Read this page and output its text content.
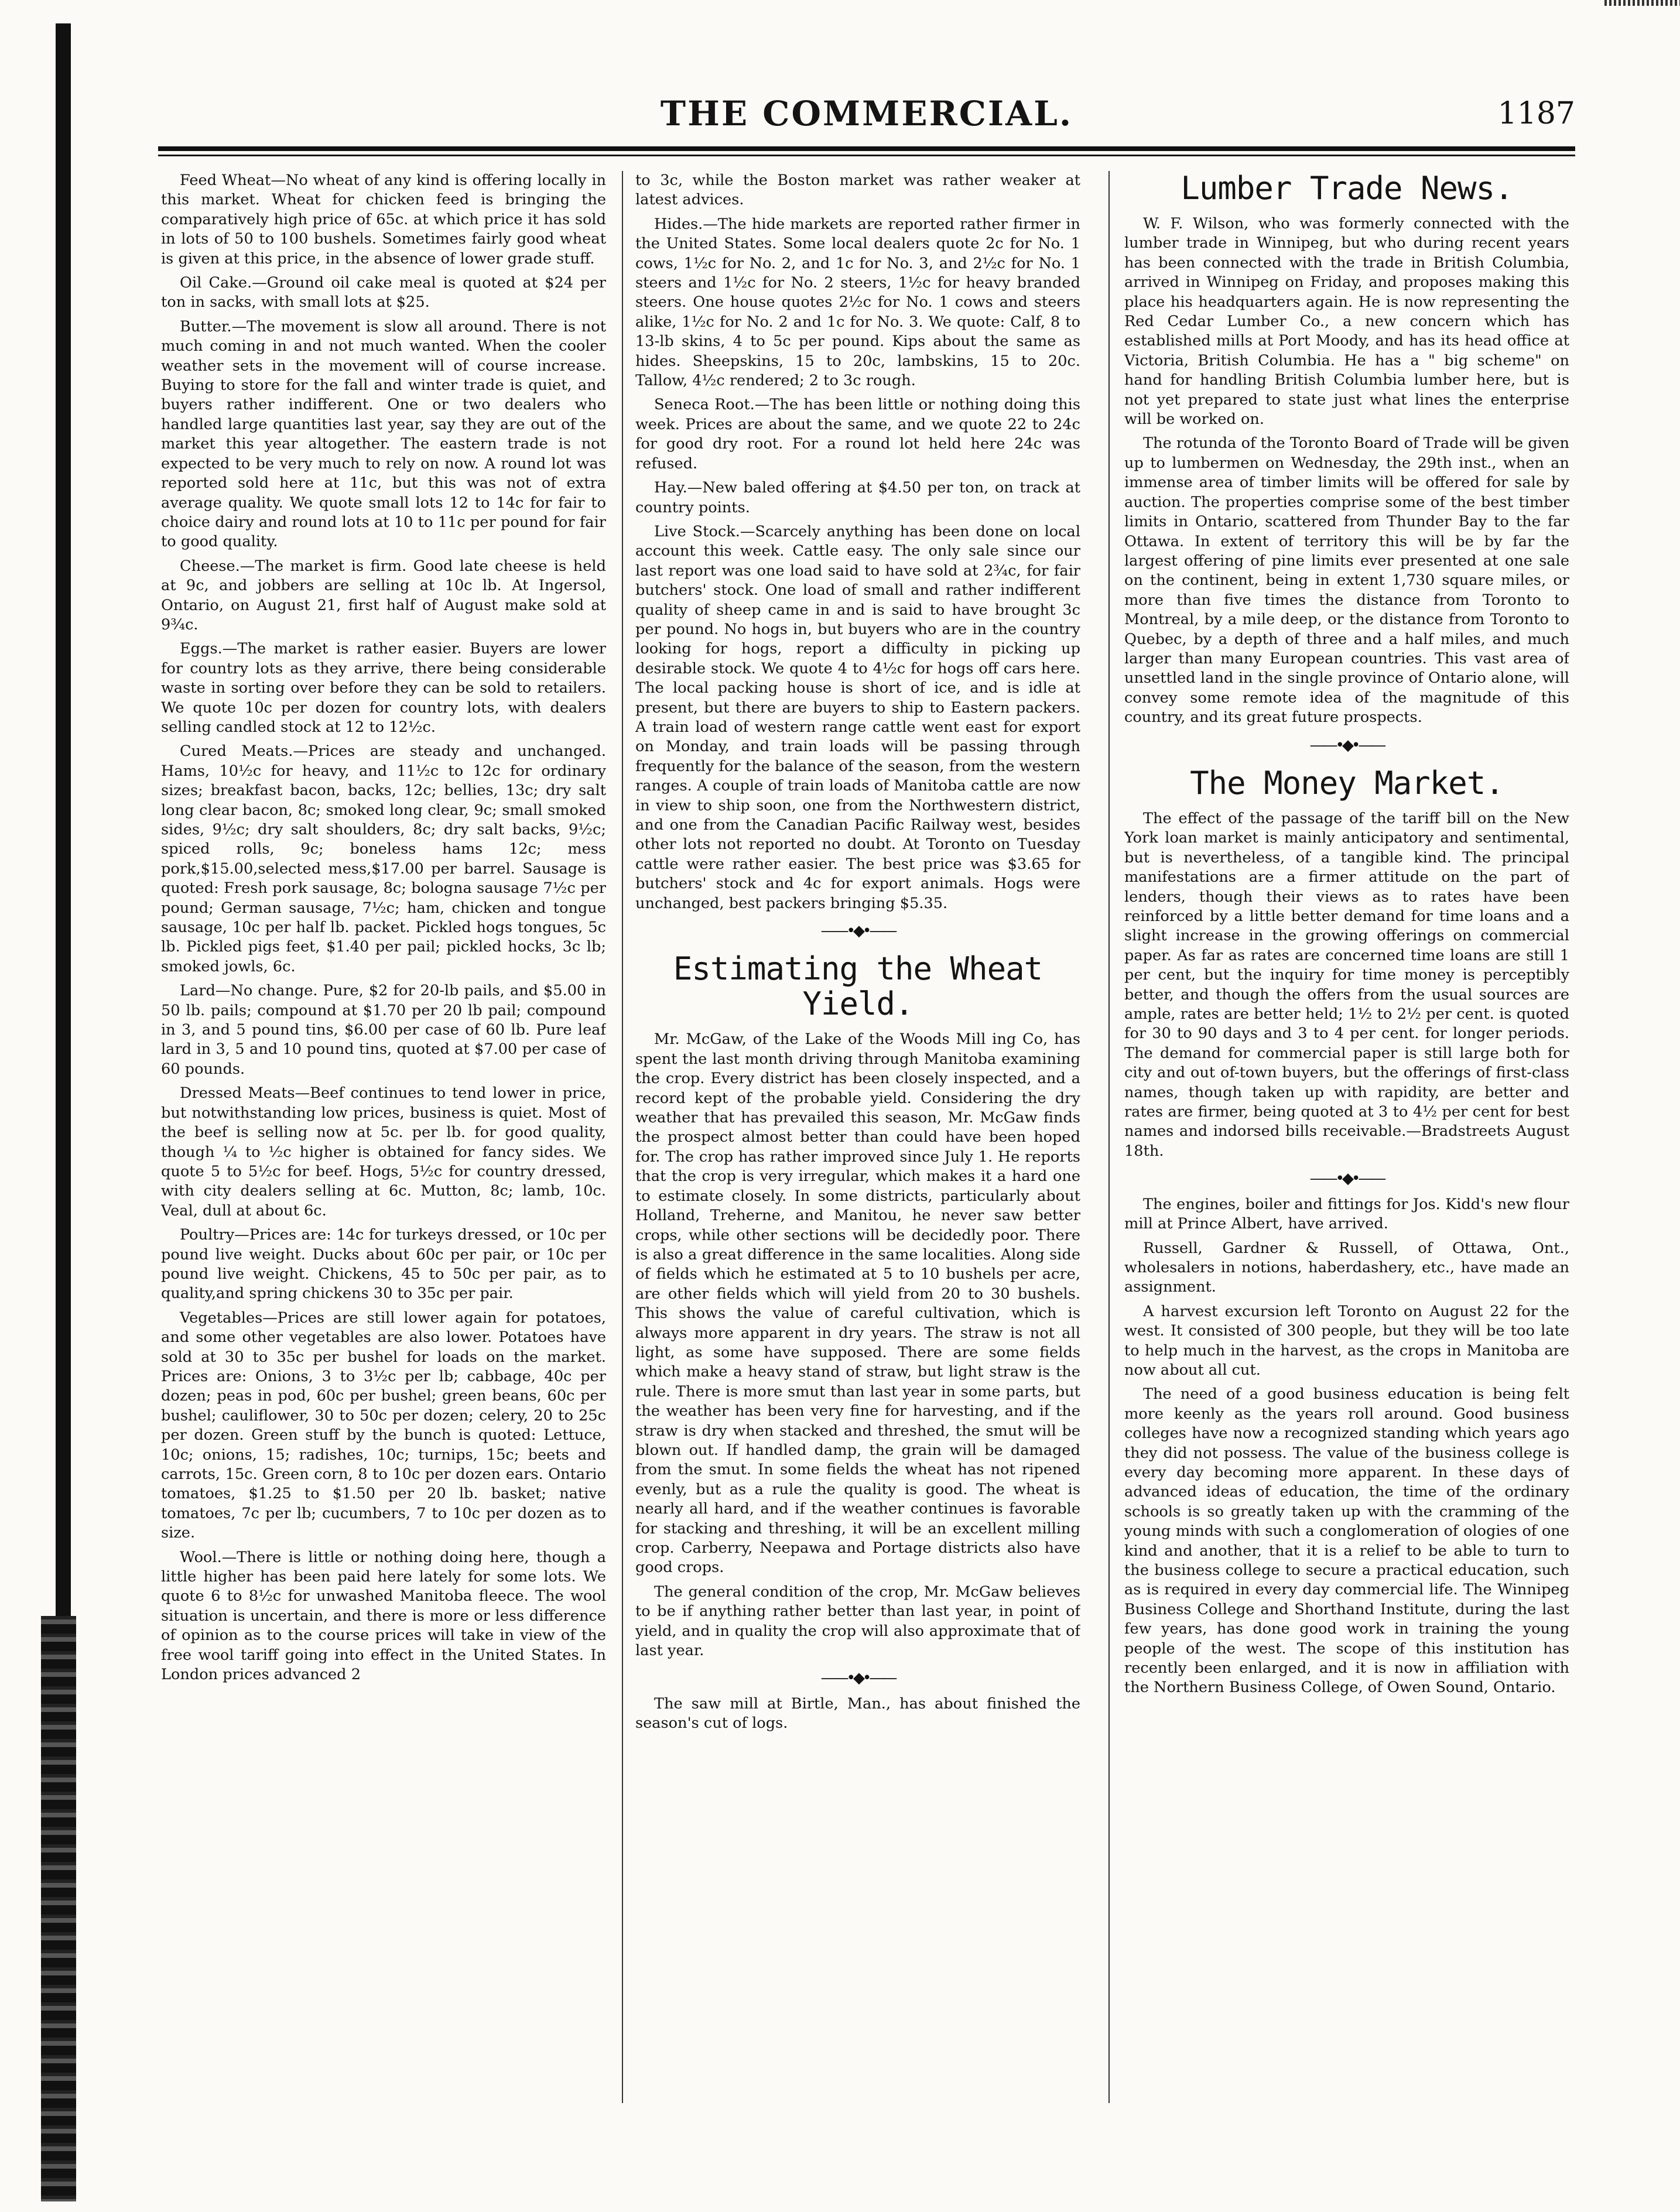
THE COMMERCIAL.	1187

Feed Wheat—No wheat of any kind is offering locally in this market. Wheat for chicken feed is bringing the comparatively high price of 65c. at which price it has sold in lots of 50 to 100 bushels. Sometimes fairly good wheat is given at this price, in the absence of lower grade stuff.

Oil Cake.—Ground oil cake meal is quoted at $24 per ton in sacks, with small lots at $25.

Butter.—The movement is slow all around. There is not much coming in and not much wanted. When the cooler weather sets in the movement will of course increase. Buying to store for the fall and winter trade is quiet, and buyers rather indifferent. One or two dealers who handled large quantities last year, say they are out of the market this year altogether. The eastern trade is not expected to be very much to rely on now. A round lot was reported sold here at 11c, but this was not of extra average quality. We quote small lots 12 to 14c for fair to choice dairy and round lots at 10 to 11c per pound for fair to good quality.

Cheese.—The market is firm. Good late cheese is held at 9c, and jobbers are selling at 10c lb. At Ingersol, Ontario, on August 21, first half of August make sold at 9¾c.

Eggs.—The market is rather easier. Buyers are lower for country lots as they arrive, there being considerable waste in sorting over before they can be sold to retailers. We quote 10c per dozen for country lots, with dealers selling candled stock at 12 to 12½c.

Cured Meats.—Prices are steady and unchanged. Hams, 10½c for heavy, and 11½c to 12c for ordinary sizes; breakfast bacon, backs, 12c; bellies, 13c; dry salt long clear bacon, 8c; smoked long clear, 9c; small smoked sides, 9½c; dry salt shoulders, 8c; dry salt backs, 9½c; spiced rolls, 9c; boneless hams 12c; mess pork,$15.00,selected mess,$17.00 per barrel. Sausage is quoted: Fresh pork sausage, 8c; bologna sausage 7½c per pound; German sausage, 7½c; ham, chicken and tongue sausage, 10c per half lb. packet. Pickled hogs tongues, 5c lb. Pickled pigs feet, $1.40 per pail; pickled hocks, 3c lb; smoked jowls, 6c.

Lard—No change. Pure, $2 for 20-lb pails, and $5.00 in 50 lb. pails; compound at $1.70 per 20 lb pail; compound in 3, and 5 pound tins, $6.00 per case of 60 lb. Pure leaf lard in 3, 5 and 10 pound tins, quoted at $7.00 per case of 60 pounds.

Dressed Meats—Beef continues to tend lower in price, but notwithstanding low prices, business is quiet. Most of the beef is selling now at 5c. per lb. for good quality, though ¼ to ½c higher is obtained for fancy sides. We quote 5 to 5½c for beef. Hogs, 5½c for country dressed, with city dealers selling at 6c. Mutton, 8c; lamb, 10c. Veal, dull at about 6c.

Poultry—Prices are: 14c for turkeys dressed, or 10c per pound live weight. Ducks about 60c per pair, or 10c per pound live weight. Chickens, 45 to 50c per pair, as to quality,and spring chickens 30 to 35c per pair.

Vegetables—Prices are still lower again for potatoes, and some other vegetables are also lower. Potatoes have sold at 30 to 35c per bushel for loads on the market. Prices are: Onions, 3 to 3½c per lb; cabbage, 40c per dozen; peas in pod, 60c per bushel; green beans, 60c per bushel; cauliflower, 30 to 50c per dozen; celery, 20 to 25c per dozen. Green stuff by the bunch is quoted: Lettuce, 10c; onions, 15; radishes, 10c; turnips, 15c; beets and carrots, 15c. Green corn, 8 to 10c per dozen ears. Ontario tomatoes, $1.25 to $1.50 per 20 lb. basket; native tomatoes, 7c per lb; cucumbers, 7 to 10c per dozen as to size.

Wool.—There is little or nothing doing here, though a little higher has been paid here lately for some lots. We quote 6 to 8½c for unwashed Manitoba fleece. The wool situation is uncertain, and there is more or less difference of opinion as to the course prices will take in view of the free wool tariff going into effect in the United States. In London prices advanced 2

to 3c, while the Boston market was rather weaker at latest advices.

Hides.—The hide markets are reported rather firmer in the United States. Some local dealers quote 2c for No. 1 cows, 1½c for No. 2, and 1c for No. 3, and 2½c for No. 1 steers and 1½c for No. 2 steers, 1½c for heavy branded steers. One house quotes 2½c for No. 1 cows and steers alike, 1½c for No. 2 and 1c for No. 3. We quote: Calf, 8 to 13-lb skins, 4 to 5c per pound. Kips about the same as hides. Sheepskins, 15 to 20c, lambskins, 15 to 20c. Tallow, 4½c rendered; 2 to 3c rough.

Seneca Root.—The has been little or nothing doing this week. Prices are about the same, and we quote 22 to 24c for good dry root. For a round lot held here 24c was refused.

Hay.—New baled offering at $4.50 per ton, on track at country points.

Live Stock.—Scarcely anything has been done on local account this week. Cattle easy. The only sale since our last report was one load said to have sold at 2¾c, for fair butchers' stock. One load of small and rather indifferent quality of sheep came in and is said to have brought 3c per pound. No hogs in, but buyers who are in the country looking for hogs, report a difficulty in picking up desirable stock. We quote 4 to 4½c for hogs off cars here. The local packing house is short of ice, and is idle at present, but there are buyers to ship to Eastern packers. A train load of western range cattle went east for export on Monday, and train loads will be passing through frequently for the balance of the season, from the western ranges. A couple of train loads of Manitoba cattle are now in view to ship soon, one from the Northwestern district, and one from the Canadian Pacific Railway west, besides other lots not reported no doubt. At Toronto on Tuesday cattle were rather easier. The best price was $3.65 for butchers' stock and 4c for export animals. Hogs were unchanged, best packers bringing $5.35.

——•◆•——
Estimating the Wheat Yield.

Mr. McGaw, of the Lake of the Woods Mill ing Co, has spent the last month driving through Manitoba examining the crop. Every district has been closely inspected, and a record kept of the probable yield. Considering the dry weather that has prevailed this season, Mr. McGaw finds the prospect almost better than could have been hoped for. The crop has rather improved since July 1. He reports that the crop is very irregular, which makes it a hard one to estimate closely. In some districts, particularly about Holland, Treherne, and Manitou, he never saw better crops, while other sections will be decidedly poor. There is also a great difference in the same localities. Along side of fields which he estimated at 5 to 10 bushels per acre, are other fields which will yield from 20 to 30 bushels. This shows the value of careful cultivation, which is always more apparent in dry years. The straw is not all light, as some have supposed. There are some fields which make a heavy stand of straw, but light straw is the rule. There is more smut than last year in some parts, but the weather has been very fine for harvesting, and if the straw is dry when stacked and threshed, the smut will be blown out. If handled damp, the grain will be damaged from the smut. In some fields the wheat has not ripened evenly, but as a rule the quality is good. The wheat is nearly all hard, and if the weather continues is favorable for stacking and threshing, it will be an excellent milling crop. Carberry, Neepawa and Portage districts also have good crops.

The general condition of the crop, Mr. McGaw believes to be if anything rather better than last year, in point of yield, and in quality the crop will also approximate that of last year.

——•◆•——

The saw mill at Birtle, Man., has about finished the season's cut of logs.

Lumber Trade News.

W. F. Wilson, who was formerly connected with the lumber trade in Winnipeg, but who during recent years has been connected with the trade in British Columbia, arrived in Winnipeg on Friday, and proposes making this place his headquarters again. He is now representing the Red Cedar Lumber Co., a new concern which has established mills at Port Moody, and has its head office at Victoria, British Columbia. He has a " big scheme" on hand for handling British Columbia lumber here, but is not yet prepared to state just what lines the enterprise will be worked on.

The rotunda of the Toronto Board of Trade will be given up to lumbermen on Wednesday, the 29th inst., when an immense area of timber limits will be offered for sale by auction. The properties comprise some of the best timber limits in Ontario, scattered from Thunder Bay to the far Ottawa. In extent of territory this will be by far the largest offering of pine limits ever presented at one sale on the continent, being in extent 1,730 square miles, or more than five times the distance from Toronto to Montreal, by a mile deep, or the distance from Toronto to Quebec, by a depth of three and a half miles, and much larger than many European countries. This vast area of unsettled land in the single province of Ontario alone, will convey some remote idea of the magnitude of this country, and its great future prospects.

——•◆•——
The Money Market.

The effect of the passage of the tariff bill on the New York loan market is mainly anticipatory and sentimental, but is nevertheless, of a tangible kind. The principal manifestations are a firmer attitude on the part of lenders, though their views as to rates have been reinforced by a little better demand for time loans and a slight increase in the growing offerings on commercial paper. As far as rates are concerned time loans are still 1 per cent, but the inquiry for time money is perceptibly better, and though the offers from the usual sources are ample, rates are better held; 1½ to 2½ per cent. is quoted for 30 to 90 days and 3 to 4 per cent. for longer periods. The demand for commercial paper is still large both for city and out of-town buyers, but the offerings of first-class names, though taken up with rapidity, are better and rates are firmer, being quoted at 3 to 4½ per cent for best names and indorsed bills receivable.—Bradstreets August 18th.

——•◆•——

The engines, boiler and fittings for Jos. Kidd's new flour mill at Prince Albert, have arrived.

Russell, Gardner & Russell, of Ottawa, Ont., wholesalers in notions, haberdashery, etc., have made an assignment.

A harvest excursion left Toronto on August 22 for the west. It consisted of 300 people, but they will be too late to help much in the harvest, as the crops in Manitoba are now about all cut.

The need of a good business education is being felt more keenly as the years roll around. Good business colleges have now a recognized standing which years ago they did not possess. The value of the business college is every day becoming more apparent. In these days of advanced ideas of education, the time of the ordinary schools is so greatly taken up with the cramming of the young minds with such a conglomeration of ologies of one kind and another, that it is a relief to be able to turn to the business college to secure a practical education, such as is required in every day commercial life. The Winnipeg Business College and Shorthand Institute, during the last few years, has done good work in training the young people of the west. The scope of this institution has recently been enlarged, and it is now in affiliation with the Northern Business College, of Owen Sound, Ontario.
